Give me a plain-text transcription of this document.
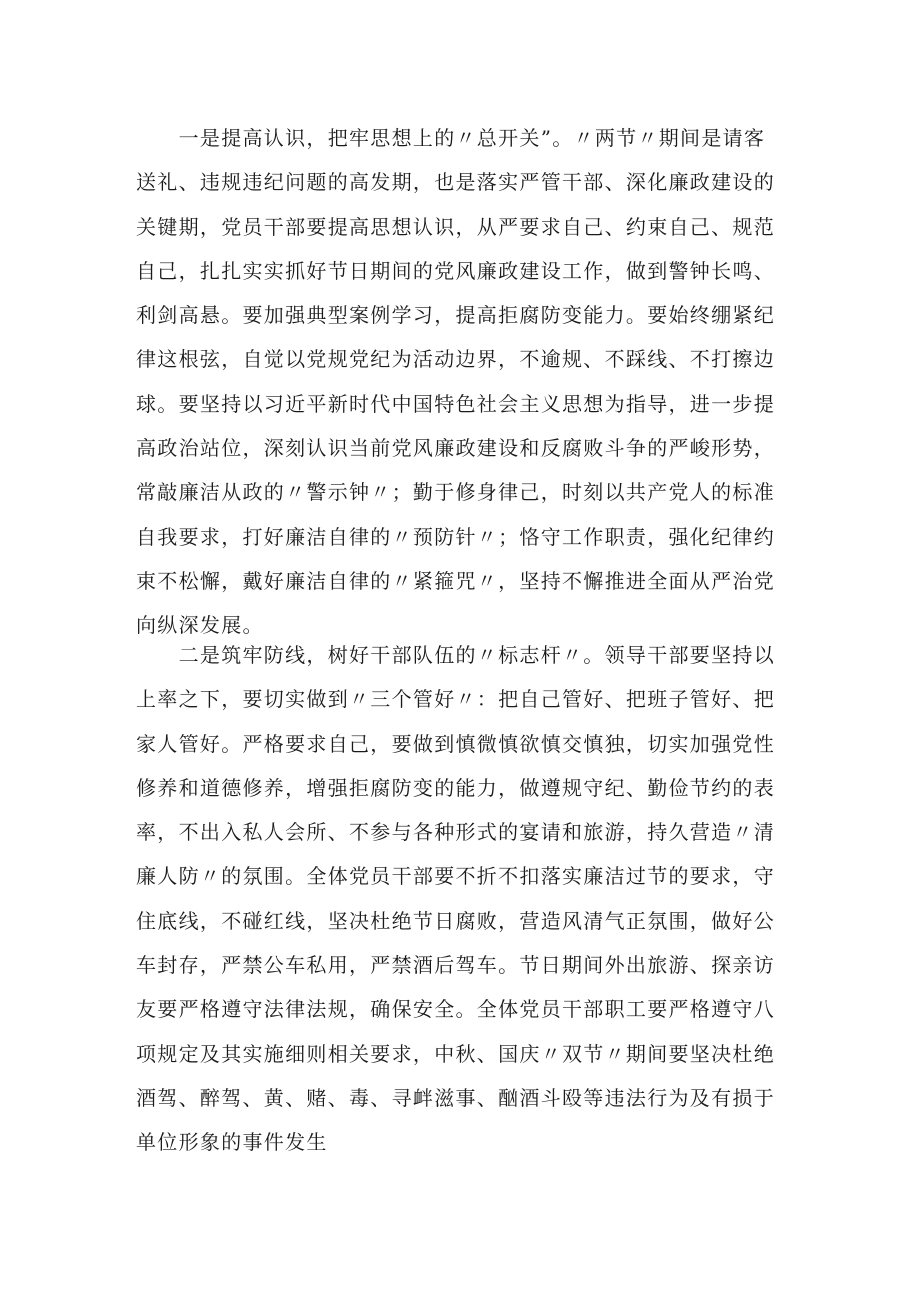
　　一是提高认识，把牢思想上的〃总开关”。〃两节〃期间是请客
送礼、违规违纪问题的高发期，也是落实严管干部、深化廉政建设的
关键期，党员干部要提高思想认识，从严要求自己、约束自己、规范
自己，扎扎实实抓好节日期间的党风廉政建设工作，做到警钟长鸣、
利剑高悬。要加强典型案例学习，提高拒腐防变能力。要始终绷紧纪
律这根弦，自觉以党规党纪为活动边界，不逾规、不踩线、不打擦边
球。要坚持以习近平新时代中国特色社会主义思想为指导，进一步提
高政治站位，深刻认识当前党风廉政建设和反腐败斗争的严峻形势，
常敲廉洁从政的〃警示钟〃；勤于修身律己，时刻以共产党人的标准
自我要求，打好廉洁自律的〃预防针〃；恪守工作职责，强化纪律约
束不松懈，戴好廉洁自律的〃紧箍咒〃，坚持不懈推进全面从严治党
向纵深发展。
　　二是筑牢防线，树好干部队伍的〃标志杆〃。领导干部要坚持以
上率之下，要切实做到〃三个管好〃：把自己管好、把班子管好、把
家人管好。严格要求自己，要做到慎微慎欲慎交慎独，切实加强党性
修养和道德修养，增强拒腐防变的能力，做遵规守纪、勤俭节约的表
率，不出入私人会所、不参与各种形式的宴请和旅游，持久营造〃清
廉人防〃的氛围。全体党员干部要不折不扣落实廉洁过节的要求，守
住底线，不碰红线，坚决杜绝节日腐败，营造风清气正氛围，做好公
车封存，严禁公车私用，严禁酒后驾车。节日期间外出旅游、探亲访
友要严格遵守法律法规，确保安全。全体党员干部职工要严格遵守八
项规定及其实施细则相关要求，中秋、国庆〃双节〃期间要坚决杜绝
酒驾、醉驾、黄、赌、毒、寻衅滋事、酗酒斗殴等违法行为及有损于
单位形象的事件发生
